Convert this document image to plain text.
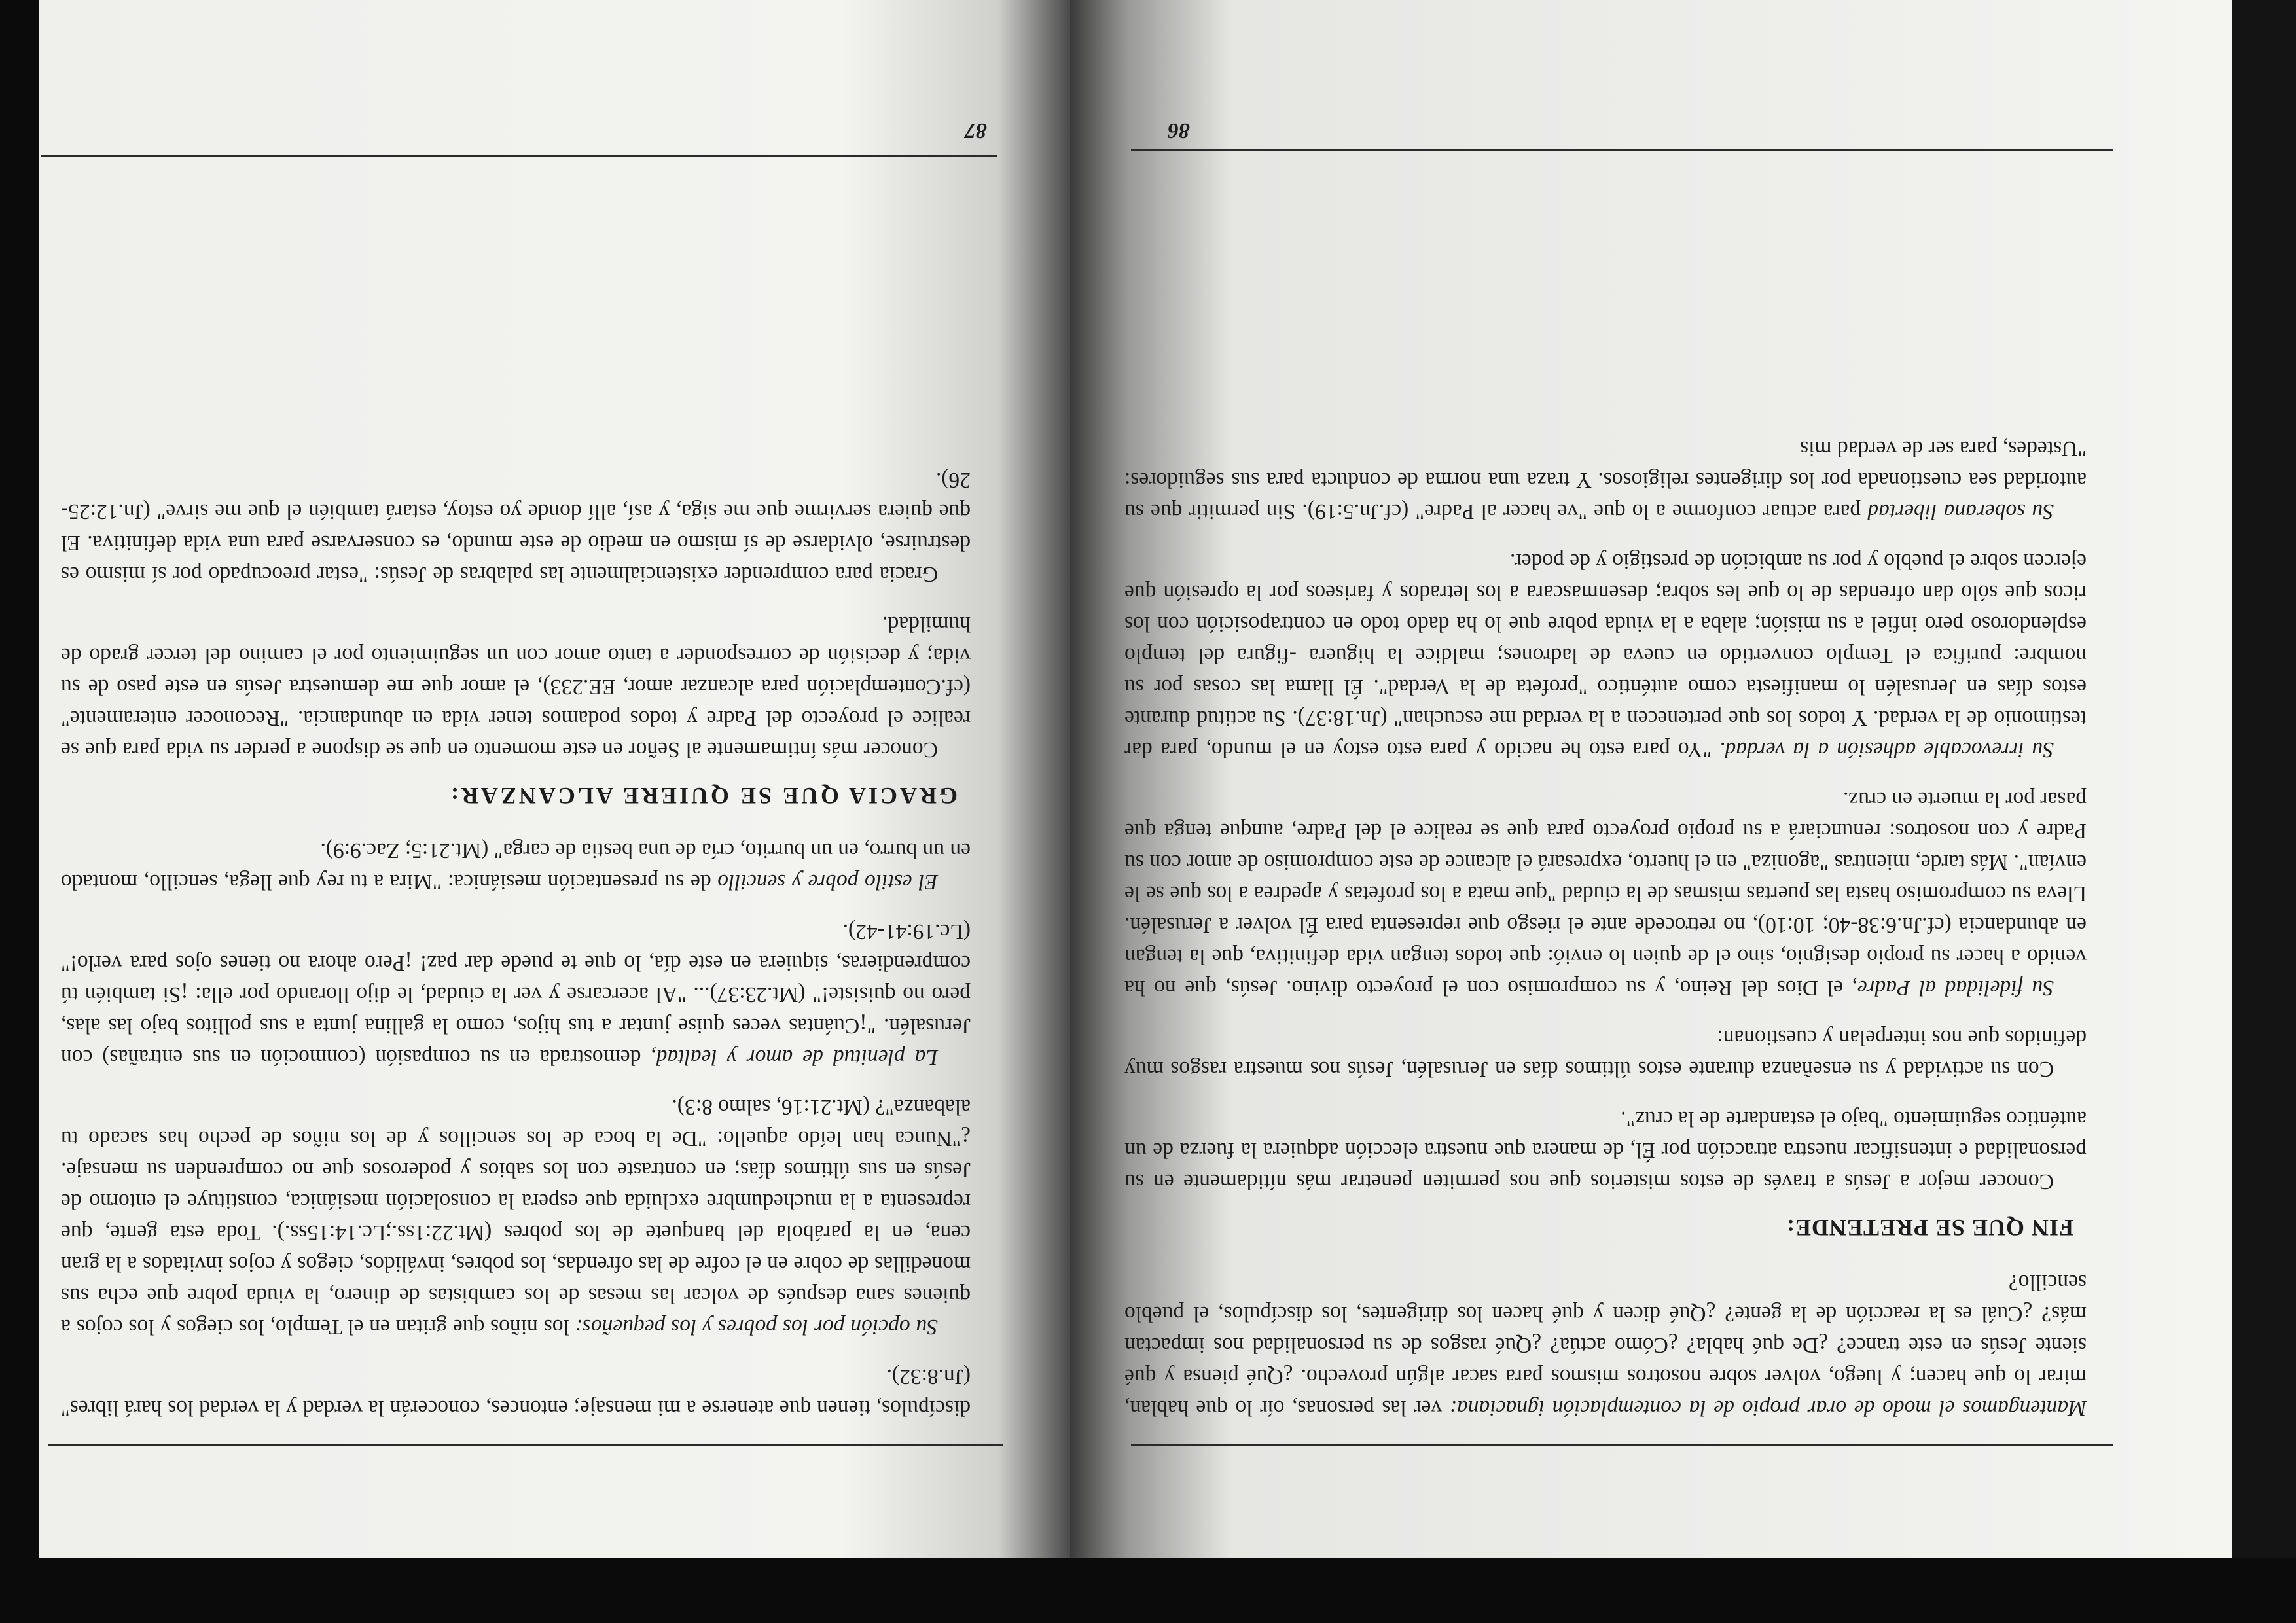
Mantengamos el modo de orar propio de la contemplación ignaciana: ver las personas, oír lo que hablan, mirar lo que hacen; y luego, volver sobre nosotros mismos para sacar algún provecho. ¿Qué piensa y qué siente Jesús en este trance? ¿De qué habla? ¿Cómo actúa? ¿Qué rasgos de su personalidad nos impactan más? ¿Cuál es la reacción de la gente? ¿Qué dicen y qué hacen los dirigentes, los discípulos, el pueblo sencillo?

FIN QUE SE PRETENDE:

Conocer mejor a Jesús a través de estos misterios que nos permiten penetrar más nítidamente en su personalidad e intensificar nuestra atracción por Él, de manera que nuestra elección adquiera la fuerza de un auténtico seguimiento "bajo el estandarte de la cruz".

Con su actividad y su enseñanza durante estos últimos días en Jerusalén, Jesús nos muestra rasgos muy definidos que nos interpelan y cuestionan:

Su fidelidad al Padre, el Dios del Reino, y su compromiso con el proyecto divino. Jesús, que no ha venido a hacer su propio designio, sino el de quien lo envió: que todos tengan vida definitiva, que la tengan en abundancia (cf.Jn.6:38-40; 10:10), no retrocede ante el riesgo que representa para Él volver a Jerusalén. Lleva su compromiso hasta las puertas mismas de la ciudad "que mata a los profetas y apedrea a los que se le envían". Más tarde, mientras "agoniza" en el huerto, expresará el alcance de este compromiso de amor con su Padre y con nosotros: renunciará a su propio proyecto para que se realice el del Padre, aunque tenga que pasar por la muerte en cruz.

Su irrevocable adhesión a la verdad. "Yo para esto he nacido y para esto estoy en el mundo, para dar testimonio de la verdad. Y todos los que pertenecen a la verdad me escuchan" (Jn.18:37). Su actitud durante estos días en Jerusalén lo manifiesta como auténtico "profeta de la Verdad". Él llama las cosas por su nombre: purifica el Templo convertido en cueva de ladrones; maldice la higuera -figura del templo esplendoroso pero infiel a su misión; alaba a la viuda pobre que lo ha dado todo en contraposición con los ricos que sólo dan ofrendas de lo que les sobra; desenmascara a los letrados y fariseos por la opresión que ejercen sobre el pueblo y por su ambición de prestigio y de poder.

Su soberana libertad para actuar conforme a lo que "ve hacer al Padre" (cf.Jn.5:19). Sin permitir que su autoridad sea cuestionada por los dirigentes religiosos. Y traza una norma de conducta para sus seguidores: "Ustedes, para ser de verdad mis

86

discípulos, tienen que atenerse a mi mensaje; entonces, conocerán la verdad y la verdad los hará libres" (Jn.8:32).

Su opción por los pobres y los pequeños: los niños que gritan en el Templo, los ciegos y los cojos a quienes sana después de volcar las mesas de los cambistas de dinero, la viuda pobre que echa sus monedillas de cobre en el cofre de las ofrendas, los pobres, inválidos, ciegos y cojos invitados a la gran cena, en la parábola del banquete de los pobres (Mt.22:1ss.;Lc.14:15ss.). Toda esta gente, que representa a la muchedumbre excluida que espera la consolación mesiánica, constituye el entorno de Jesús en sus últimos días; en contraste con los sabios y poderosos que no comprenden su mensaje. ¿"Nunca han leído aquello: "De la boca de los sencillos y de los niños de pecho has sacado tu alabanza"? (Mt.21:16, salmo 8:3).

La plenitud de amor y lealtad, demostrada en su compasión (conmoción en sus entrañas) con Jerusalén. "¡Cuántas veces quise juntar a tus hijos, como la gallina junta a sus pollitos bajo las alas, pero no quisiste!" (Mt.23:37)... "Al acercarse y ver la ciudad, le dijo llorando por ella: ¡Si también tú comprendieras, siquiera en este día, lo que te puede dar paz! ¡Pero ahora no tienes ojos para verlo!" (Lc.19:41-42).

El estilo pobre y sencillo de su presentación mesiánica: "Mira a tu rey que llega, sencillo, montado en un burro, en un burrito, cría de una bestia de carga" (Mt.21:5; Zac.9:9).

GRACIA QUE SE QUIERE ALCANZAR:

Conocer más íntimamente al Señor en este momento en que se dispone a perder su vida para que se realice el proyecto del Padre y todos podamos tener vida en abundancia. "Reconocer enteramente" (cf.Contemplación para alcanzar amor, EE.233), el amor que me demuestra Jesús en este paso de su vida; y decisión de corresponder a tanto amor con un seguimiento por el camino del tercer grado de humildad.

Gracia para comprender existencialmente las palabras de Jesús: "estar preocupado por sí mismo es destruirse, olvidarse de sí mismo en medio de este mundo, es conservarse para una vida definitiva. El que quiera servirme que me siga, y así, allí donde yo estoy, estará también el que me sirve" (Jn.12:25-26).

87
